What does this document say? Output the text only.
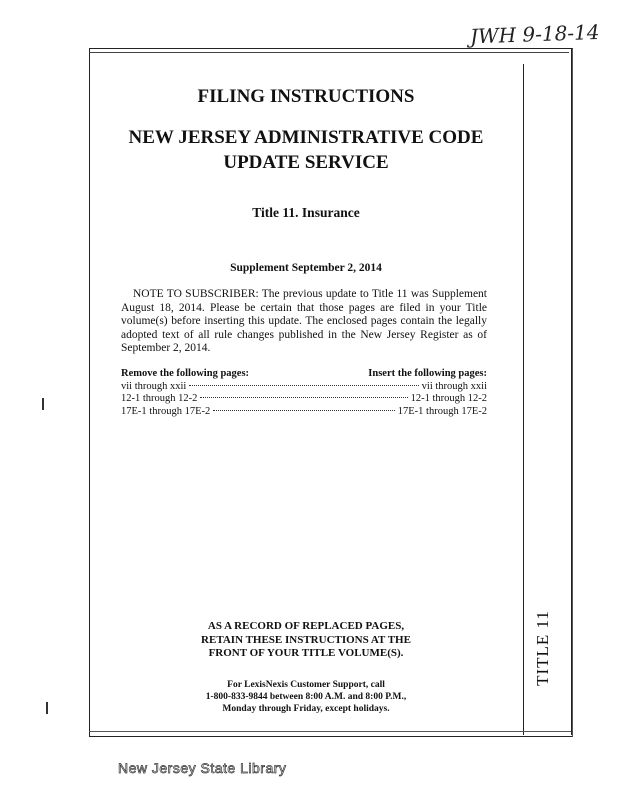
JWH 9-18-14
TITLE 11
FILING INSTRUCTIONS
NEW JERSEY ADMINISTRATIVE CODE
UPDATE SERVICE
Title 11. Insurance
Supplement September 2, 2014
NOTE TO SUBSCRIBER: The previous update to Title 11 was Supplement August 18, 2014. Please be certain that those pages are filed in your Title volume(s) before inserting this update. The enclosed pages contain the legally adopted text of all rule changes published in the New Jersey Register as of September 2, 2014.
Remove the following pages:	Insert the following pages:
vii through xxii	vii through xxii
12-1 through 12-2	12-1 through 12-2
17E-1 through 17E-2	17E-1 through 17E-2
AS A RECORD OF REPLACED PAGES,
RETAIN THESE INSTRUCTIONS AT THE
FRONT OF YOUR TITLE VOLUME(S).
For LexisNexis Customer Support, call
1-800-833-9844 between 8:00 A.M. and 8:00 P.M.,
Monday through Friday, except holidays.
New Jersey State Library
